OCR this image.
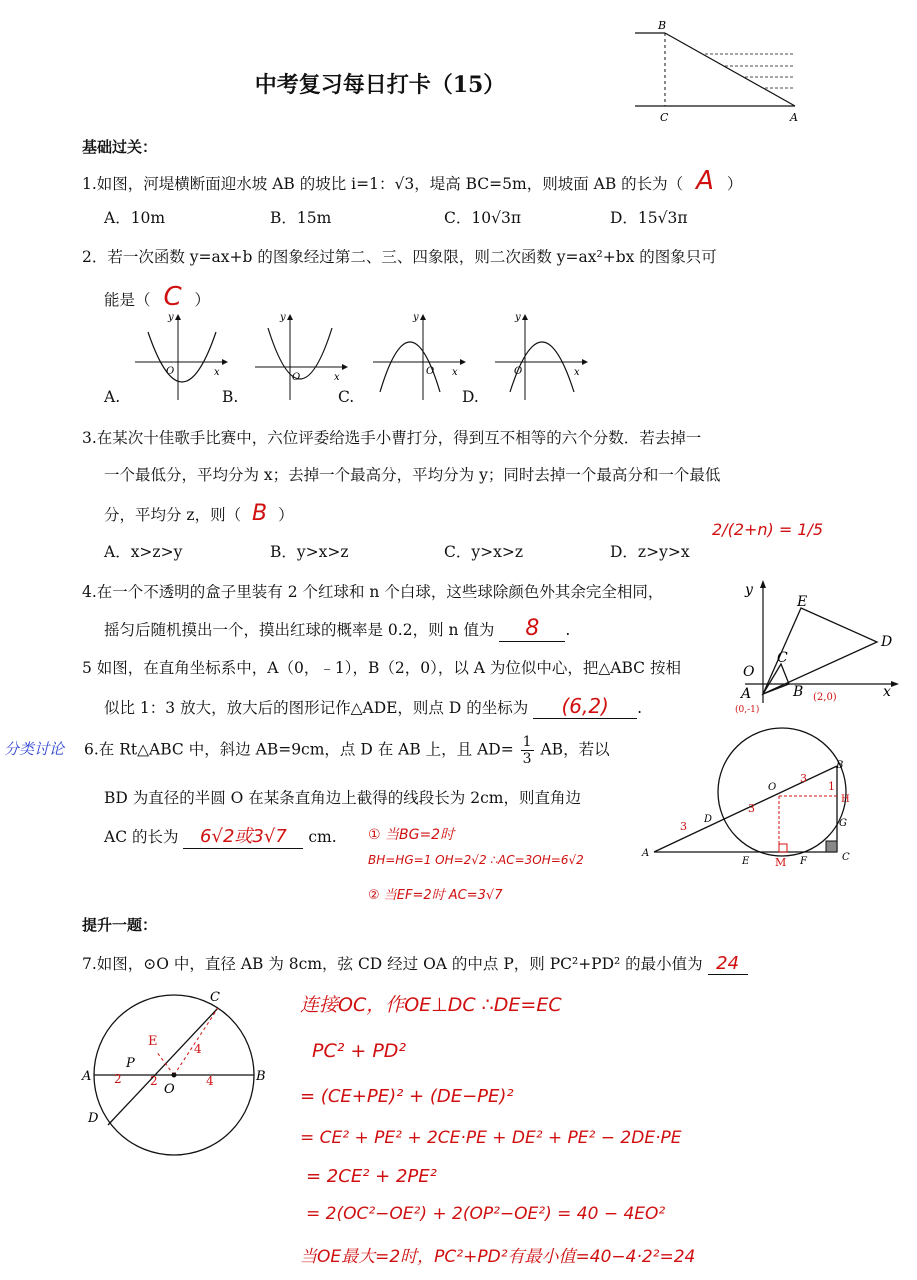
中考复习每日打卡（15）
B
C	A
基础过关：
1.如图，河堤横断面迎水坡 AB 的坡比 i=1：√3，堤高 BC=5m，则坡面 AB 的长为（ A ）
A．10m	B．15m	C．10√3π	D．15√3π
2．若一次函数 y=ax+b 的图象经过第二、三、四象限，则二次函数 y=ax²+bx 的图象只可
能是（ C ）
y
x
O
y
x
O
y
x
O
y
x
O
A.	B.	C.	D.
3.在某次十佳歌手比赛中，六位评委给选手小曹打分，得到互不相等的六个分数．若去掉一
一个最低分，平均分为 x；去掉一个最高分，平均分为 y；同时去掉一个最高分和一个最低
分，平均分 z，则（ B ）
A．x>z>y	B．y>x>z	C．y>x>z	D．z>y>x
2/(2+n) = 1/5
y
E
D
O
C
A	B	x
(0,-1)
(2,0)
4.在一个不透明的盒子里装有 2 个红球和 n 个白球，这些球除颜色外其余完全相同，
摇匀后随机摸出一个，摸出红球的概率是 0.2，则 n 值为 8 .
5 如图，在直角坐标系中，A（0，﹣1），B（2，0），以 A 为位似中心，把△ABC 按相
似比 1：3 放大，放大后的图形记作△ADE，则点 D 的坐标为 (6,2) .
分类讨论 6.在 Rt△ABC 中，斜边 AB=9cm，点 D 在 AB 上，且 $AD= \frac{1}{3}$ AB，若以
BD 为直径的半圆 O 在某条直角边上截得的线段长为 2cm，则直角边
AC 的长为 6√2或3√7 cm. ① 当BG=2时
BH=HG=1 OH=2√2 ∴AC=3OH=6√2
② 当EF=2时 AC=3√7
B
O
H
D	G
A
E M F	C
3
3
1
3
提升一题：
7.如图，⊙O 中，直径 AB 为 8cm，弦 CD 经过 OA 的中点 P，则 PC²+PD² 的最小值为 24
C
E
P
A
O
B
D
4
2 2	4
连接OC，作OE⊥DC ∴DE=EC
PC² + PD²
= (CE+PE)² + (DE−PE)²
= CE² + PE² + 2CE·PE + DE² + PE² − 2DE·PE
= 2CE² + 2PE²
= 2(OC²−OE²) + 2(OP²−OE²) = 40 − 4EO²
当OE最大=2时，PC²+PD²有最小值=40−4·2²=24
